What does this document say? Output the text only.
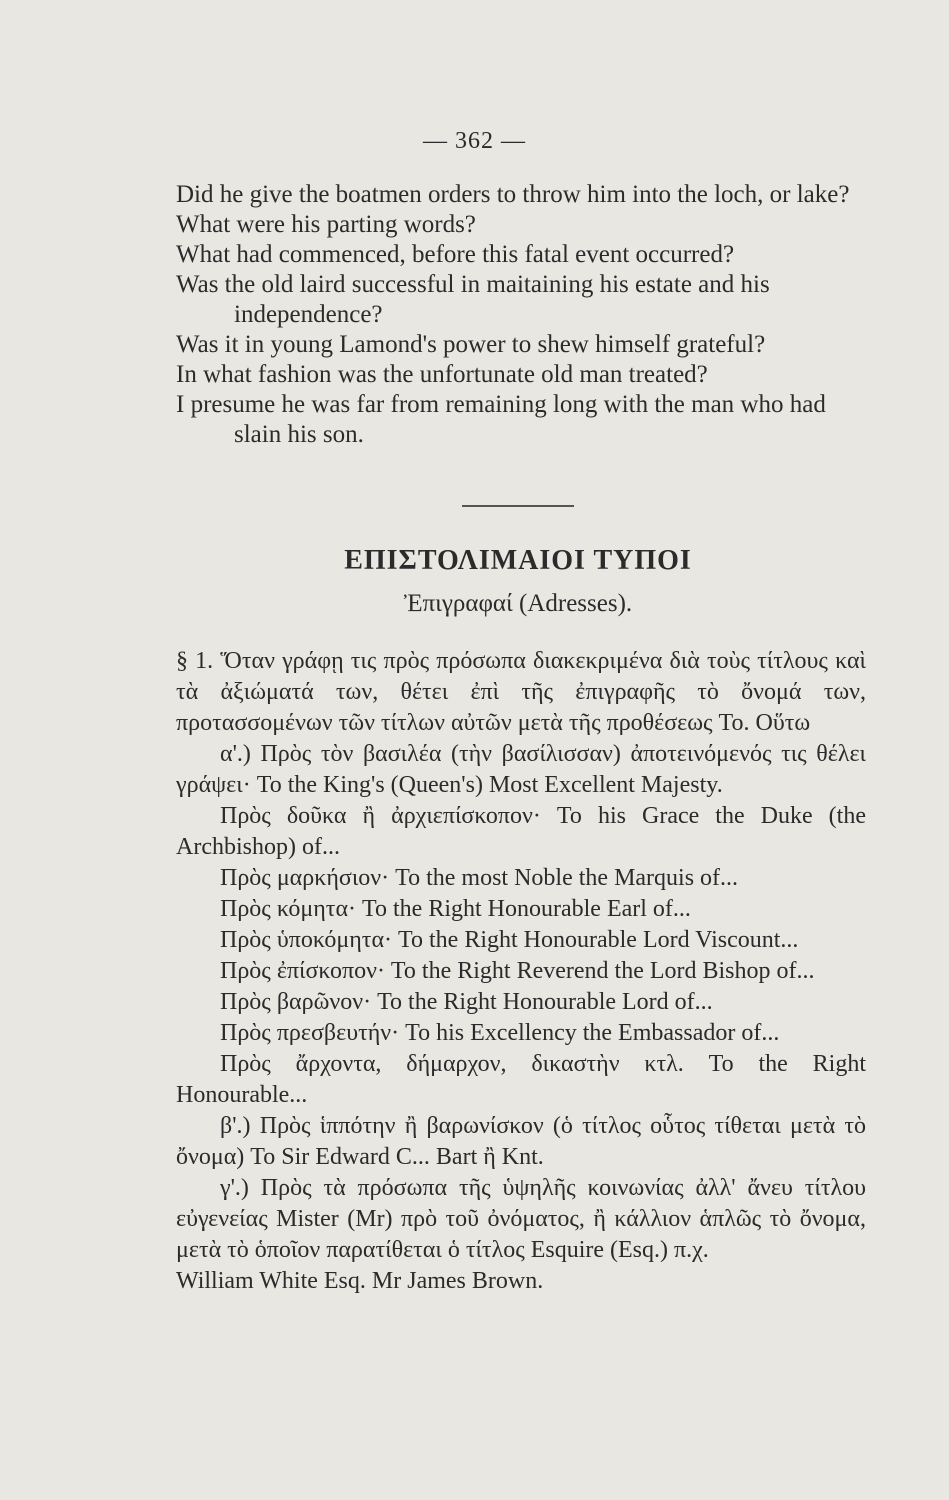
— 362 —

Did he give the boatmen orders to throw him into the loch, or lake?

What were his parting words?

What had commenced, before this fatal event occurred?

Was the old laird successful in maitaining his estate and his independence?

Was it in young Lamond's power to shew himself grateful?

In what fashion was the unfortunate old man treated?

I presume he was far from remaining long with the man who had slain his son.

ΕΠΙΣΤΟΛΙΜΑΙΟΙ ΤΥΠΟΙ
Ἐπιγραφαί (Adresses).

§ 1. Ὅταν γράφῃ τις πρὸς πρόσωπα διακεκριμένα διὰ τοὺς τίτλους καὶ τὰ ἀξιώματά των, θέτει ἐπὶ τῆς ἐπιγραφῆς τὸ ὄνομά των, προτασσομένων τῶν τίτλων αὐτῶν μετὰ τῆς προθέσεως To. Οὕτω

α'.) Πρὸς τὸν βασιλέα (τὴν βασίλισσαν) ἀποτεινόμενός τις θέλει γράψει· To the King's (Queen's) Most Excellent Majesty.

Πρὸς δοῦκα ἢ ἀρχιεπίσκοπον· To his Grace the Duke (the Archbishop) of...

Πρὸς μαρκήσιον· To the most Noble the Marquis of...

Πρὸς κόμητα· To the Right Honourable Earl of...

Πρὸς ὑποκόμητα· To the Right Honourable Lord Viscount...

Πρὸς ἐπίσκοπον· To the Right Reverend the Lord Bishop of...

Πρὸς βαρῶνον· To the Right Honourable Lord of...

Πρὸς πρεσβευτήν· To his Excellency the Embassador of...

Πρὸς ἄρχοντα, δήμαρχον, δικαστὴν κτλ. To the Right Honourable...

β'.) Πρὸς ἱππότην ἢ βαρωνίσκον (ὁ τίτλος οὗτος τίθεται μετὰ τὸ ὄνομα) To Sir Edward C... Bart ἢ Knt.

γ'.) Πρὸς τὰ πρόσωπα τῆς ὑψηλῆς κοινωνίας ἀλλ' ἄνευ τίτλου εὐγενείας Mister (Mr) πρὸ τοῦ ὀνόματος, ἢ κάλλιον ἁπλῶς τὸ ὄνομα, μετὰ τὸ ὁποῖον παρατίθεται ὁ τίτλος Esquire (Esq.) π.χ.

William White Esq. Mr James Brown.
